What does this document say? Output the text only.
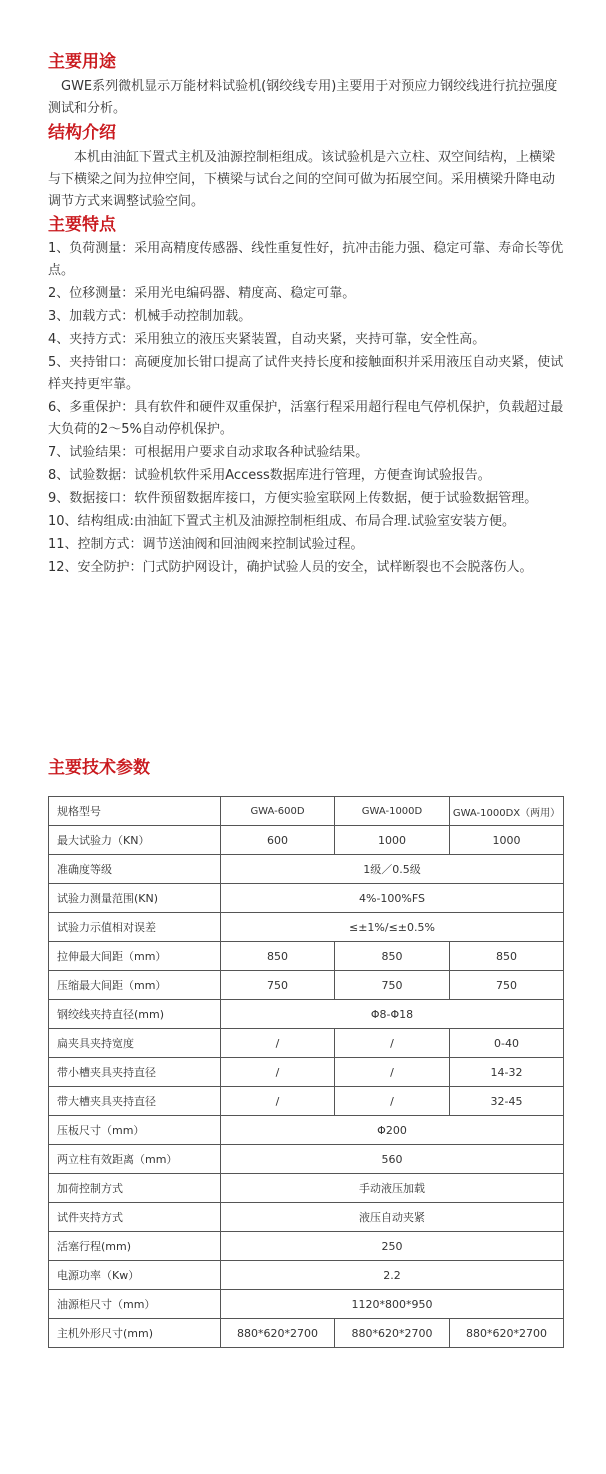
主要用途

GWE系列微机显示万能材料试验机(钢绞线专用)主要用于对预应力钢绞线进行抗拉强度测试和分析。

结构介绍

本机由油缸下置式主机及油源控制柜组成。该试验机是六立柱、双空间结构，上横梁与下横梁之间为拉伸空间，下横梁与试台之间的空间可做为拓展空间。采用横梁升降电动调节方式来调整试验空间。

主要特点
1、负荷测量：采用高精度传感器、线性重复性好，抗冲击能力强、稳定可靠、寿命长等优点。
2、位移测量：采用光电编码器、精度高、稳定可靠。
3、加载方式：机械手动控制加载。
4、夹持方式：采用独立的液压夹紧装置，自动夹紧，夹持可靠，安全性高。
5、夹持钳口：高硬度加长钳口提高了试件夹持长度和接触面积并采用液压自动夹紧，使试样夹持更牢靠。
6、多重保护：具有软件和硬件双重保护，活塞行程采用超行程电气停机保护，负载超过最大负荷的2～5%自动停机保护。
7、试验结果：可根据用户要求自动求取各种试验结果。
8、试验数据：试验机软件采用Access数据库进行管理，方便查询试验报告。
9、数据接口：软件预留数据库接口，方便实验室联网上传数据，便于试验数据管理。
10、结构组成:由油缸下置式主机及油源控制柜组成、布局合理.试验室安装方便。
11、控制方式：调节送油阀和回油阀来控制试验过程。
12、安全防护：门式防护网设计，确护试验人员的安全，试样断裂也不会脱落伤人。
主要技术参数
规格型号	GWA-600D	GWA-1000D	GWA-1000DX（两用）
最大试验力（KN）	600	1000	1000
准确度等级	1级／0.5级		
试验力测量范围(KN)	4%-100%FS		
试验力示值相对误差	≤±1%/≤±0.5%		
拉伸最大间距（mm）	850	850	850
压缩最大间距（mm）	750	750	750
钢绞线夹持直径(mm)	Φ8-Φ18		
扁夹具夹持宽度	/	/	0-40
带小槽夹具夹持直径	/	/	14-32
带大槽夹具夹持直径	/	/	32-45
压板尺寸（mm）	Φ200		
两立柱有效距离（mm）	560		
加荷控制方式	手动液压加载		
试件夹持方式	液压自动夹紧		
活塞行程(mm)	250		
电源功率（Kw）	2.2		
油源柜尺寸（mm）	1120*800*950		
主机外形尺寸(mm)	880*620*2700	880*620*2700	880*620*2700
